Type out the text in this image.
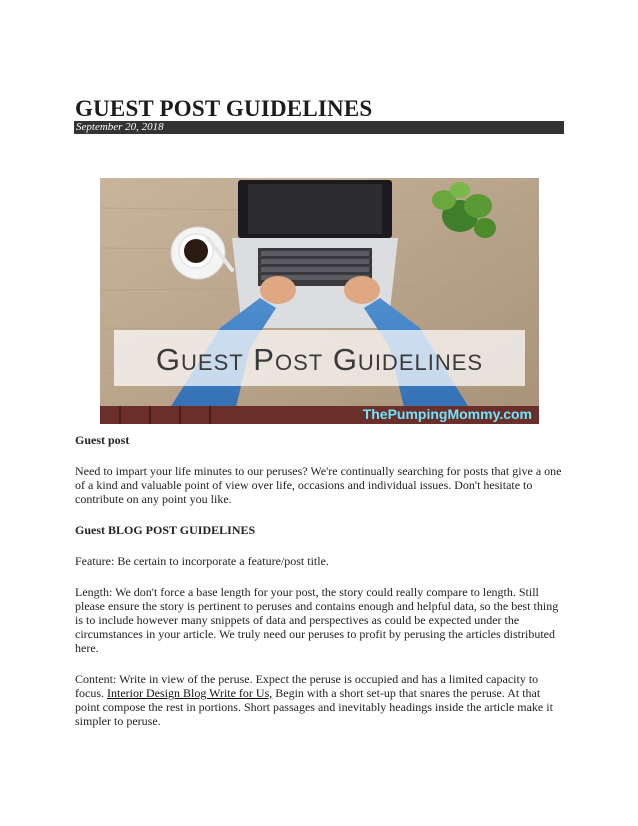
GUEST POST GUIDELINES
September 20, 2018
Guest Post Guidelines
ThePumpingMommy.com
Guest post

Need to impart your life minutes to our peruses? We're continually searching for posts that give a one of a kind and valuable point of view over life, occasions and individual issues. Don't hesitate to contribute on any point you like.

Guest BLOG POST GUIDELINES

Feature: Be certain to incorporate a feature/post title.

Length: We don't force a base length for your post, the story could really compare to length. Still please ensure the story is pertinent to peruses and contains enough and helpful data, so the best thing is to include however many snippets of data and perspectives as could be expected under the circumstances in your article. We truly need our peruses to profit by perusing the articles distributed here.

Content: Write in view of the peruse. Expect the peruse is occupied and has a limited capacity to focus. Interior Design Blog Write for Us, Begin with a short set-up that snares the peruse. At that point compose the rest in portions. Short passages and inevitably headings inside the article make it simpler to peruse.
